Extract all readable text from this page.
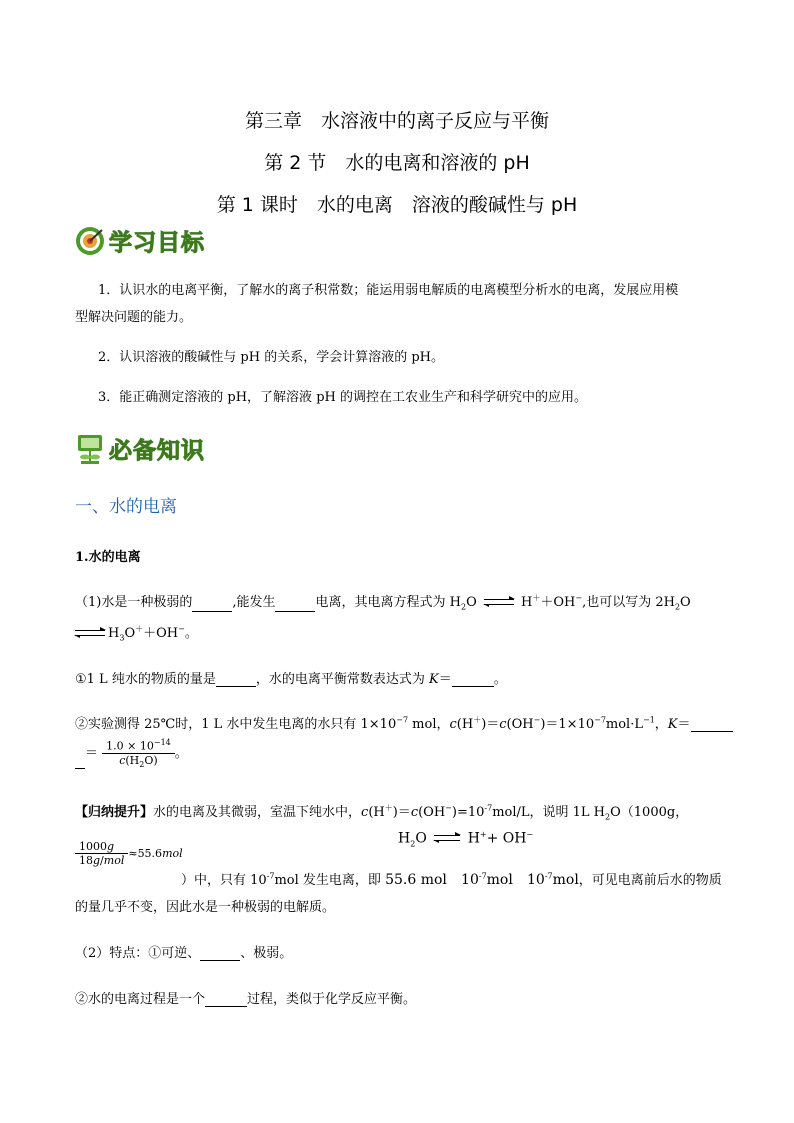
第三章　水溶液中的离子反应与平衡
第 2 节　水的电离和溶液的 pH
第 1 课时　水的电离　溶液的酸碱性与 pH
学习目标
1．认识水的电离平衡，了解水的离子积常数；能运用弱电解质的电离模型分析水的电离，发展应用模
型解决问题的能力。
2．认识溶液的酸碱性与 pH 的关系，学会计算溶液的 pH。
3．能正确测定溶液的 pH，了解溶液 pH 的调控在工农业生产和科学研究中的应用。
必备知识
一、水的电离
1.水的电离
（1)水是一种极弱的	,能发生	电离，其电离方程式为 $H_2O$ ⇌ H＋＋OH−,也可以写为 $2H_2O$
⇌ $H_3O^++OH^-$。
①1 L 纯水的物质的量是	，水的电离平衡常数表达式为 K＝	。
②实验测得 25℃时，1 L 水中发生电离的水只有 $1\times 10^{-7}$ mol，$c(H^+)=c(OH^-)=1\times 10^{-7}mol\cdot L^{-1}$，K＝
＝ $\frac{1.0 \times 10^{-14}}{c(H_2O)}$ 。
【归纳提升】水的电离及其微弱，室温下纯水中，$c(H^+)=c(OH^-)=10^{-7}mol/L$，说明 1L $H_2O(1000g$，
$H_2O$ ⇌ H++ OH−
$\frac{1000g}{\text{18g/mol}} \approx 55.6mol$
）中，只有 $10^{-7}mol$ 发生电离，即 55.6 mol $10^{-7}mol$ $10^{-7}mol$，可见电离前后水的物质
的量几乎不变，因此水是一种极弱的电解质。
（2）特点：①可逆、	、极弱。
②水的电离过程是一个	过程，类似于化学反应平衡。
